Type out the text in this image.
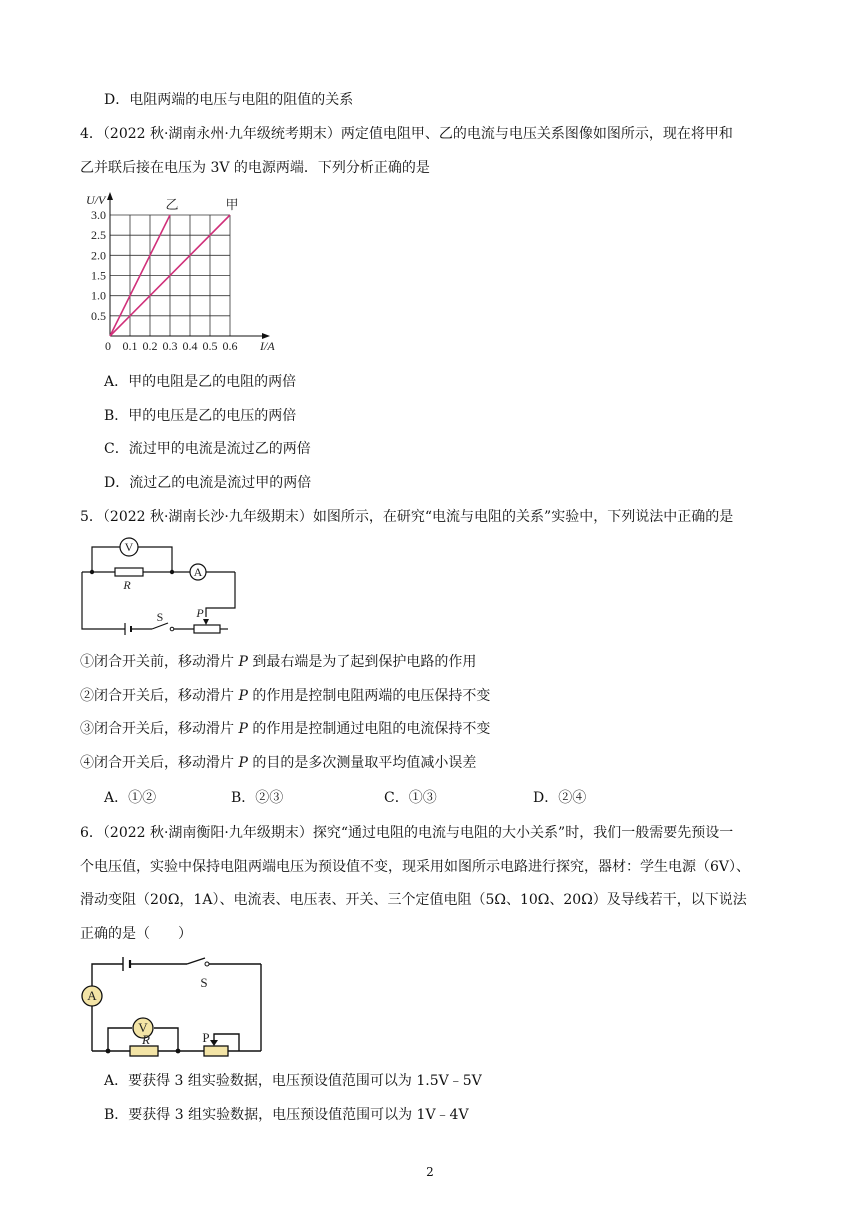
D．电阻两端的电压与电阻的阻值的关系
4．（2022 秋·湖南永州·九年级统考期末）两定值电阻甲、乙的电流与电压关系图像如图所示，现在将甲和
乙并联后接在电压为 3V 的电源两端．下列分析正确的是
0 0.1 0.2 0.3 0.4 0.5 0.6
0.5
1.0
1.5
2.0
2.5
3.0
I/A
U/V	乙	甲
A．甲的电阻是乙的电阻的两倍
B．甲的电压是乙的电压的两倍
C．流过甲的电流是流过乙的两倍
D．流过乙的电流是流过甲的两倍
5．（2022 秋·湖南长沙·九年级期末）如图所示，在研究“电流与电阻的关系”实验中，下列说法中正确的是
V
A
R
S	P
①闭合开关前，移动滑片 P 到最右端是为了起到保护电路的作用
②闭合开关后，移动滑片 P 的作用是控制电阻两端的电压保持不变
③闭合开关后，移动滑片 P 的作用是控制通过电阻的电流保持不变
④闭合开关后，移动滑片 P 的目的是多次测量取平均值减小误差
A．①②	B．②③	C．①③	D．②④
6．（2022 秋·湖南衡阳·九年级期末）探究“通过电阻的电流与电阻的大小关系”时，我们一般需要先预设一
个电压值，实验中保持电阻两端电压为预设值不变，现采用如图所示电路进行探究，器材：学生电源（6V）、
滑动变阻（20Ω，1A）、电流表、电压表、开关、三个定值电阻（5Ω、10Ω、20Ω）及导线若干，以下说法
正确的是（　　）
A
V
R
S
P
A．要获得 3 组实验数据，电压预设值范围可以为 1.5V﹣5V
B．要获得 3 组实验数据，电压预设值范围可以为 1V﹣4V
2
